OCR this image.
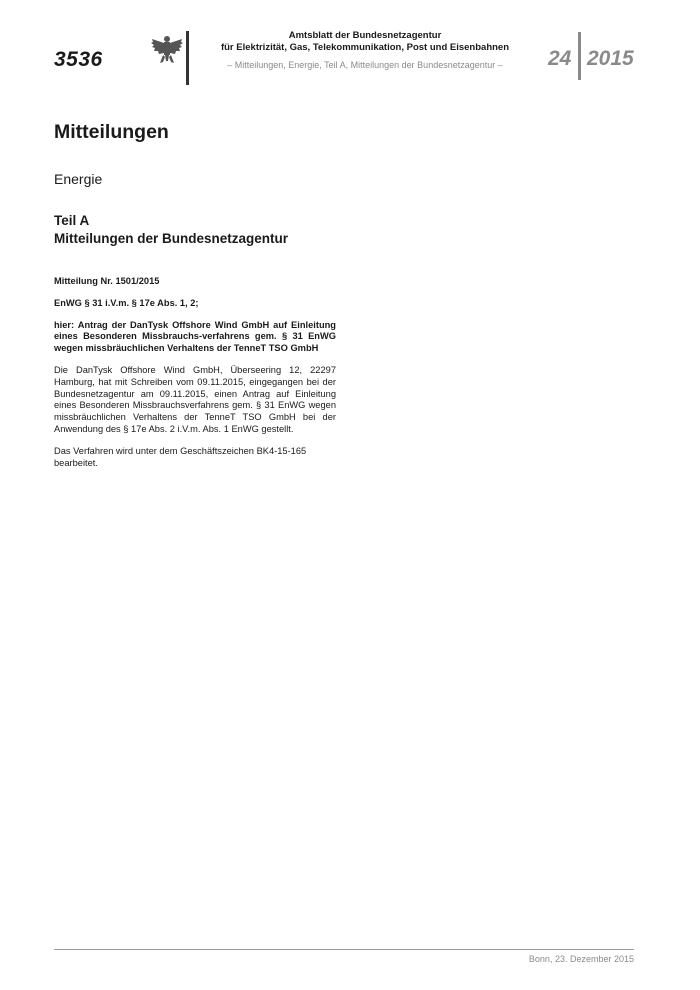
3536
Amtsblatt der Bundesnetzagentur
für Elektrizität, Gas, Telekommunikation, Post und Eisenbahnen
– Mitteilungen, Energie, Teil A, Mitteilungen der Bundesnetzagentur –	24 2015
Mitteilungen
Energie
Teil A
Mitteilungen der Bundesnetzagentur

Mitteilung Nr. 1501/2015

EnWG § 31 i.V.m. § 17e Abs. 1, 2;

hier: Antrag der DanTysk Offshore Wind GmbH auf Einleitung eines Besonderen Missbrauchs-verfahrens gem. § 31 EnWG wegen missbräuchlichen Verhaltens der TenneT TSO GmbH

Die DanTysk Offshore Wind GmbH, Überseering 12, 22297 Hamburg, hat mit Schreiben vom 09.11.2015, eingegangen bei der Bundesnetzagentur am 09.11.2015, einen Antrag auf Einleitung eines Besonderen Missbrauchsverfahrens gem. § 31 EnWG wegen missbräuchlichen Verhaltens der TenneT TSO GmbH bei der Anwendung des § 17e Abs. 2 i.V.m. Abs. 1 EnWG gestellt.

Das Verfahren wird unter dem Geschäftszeichen BK4-15-165 bearbeitet.

Bonn, 23. Dezember 2015
